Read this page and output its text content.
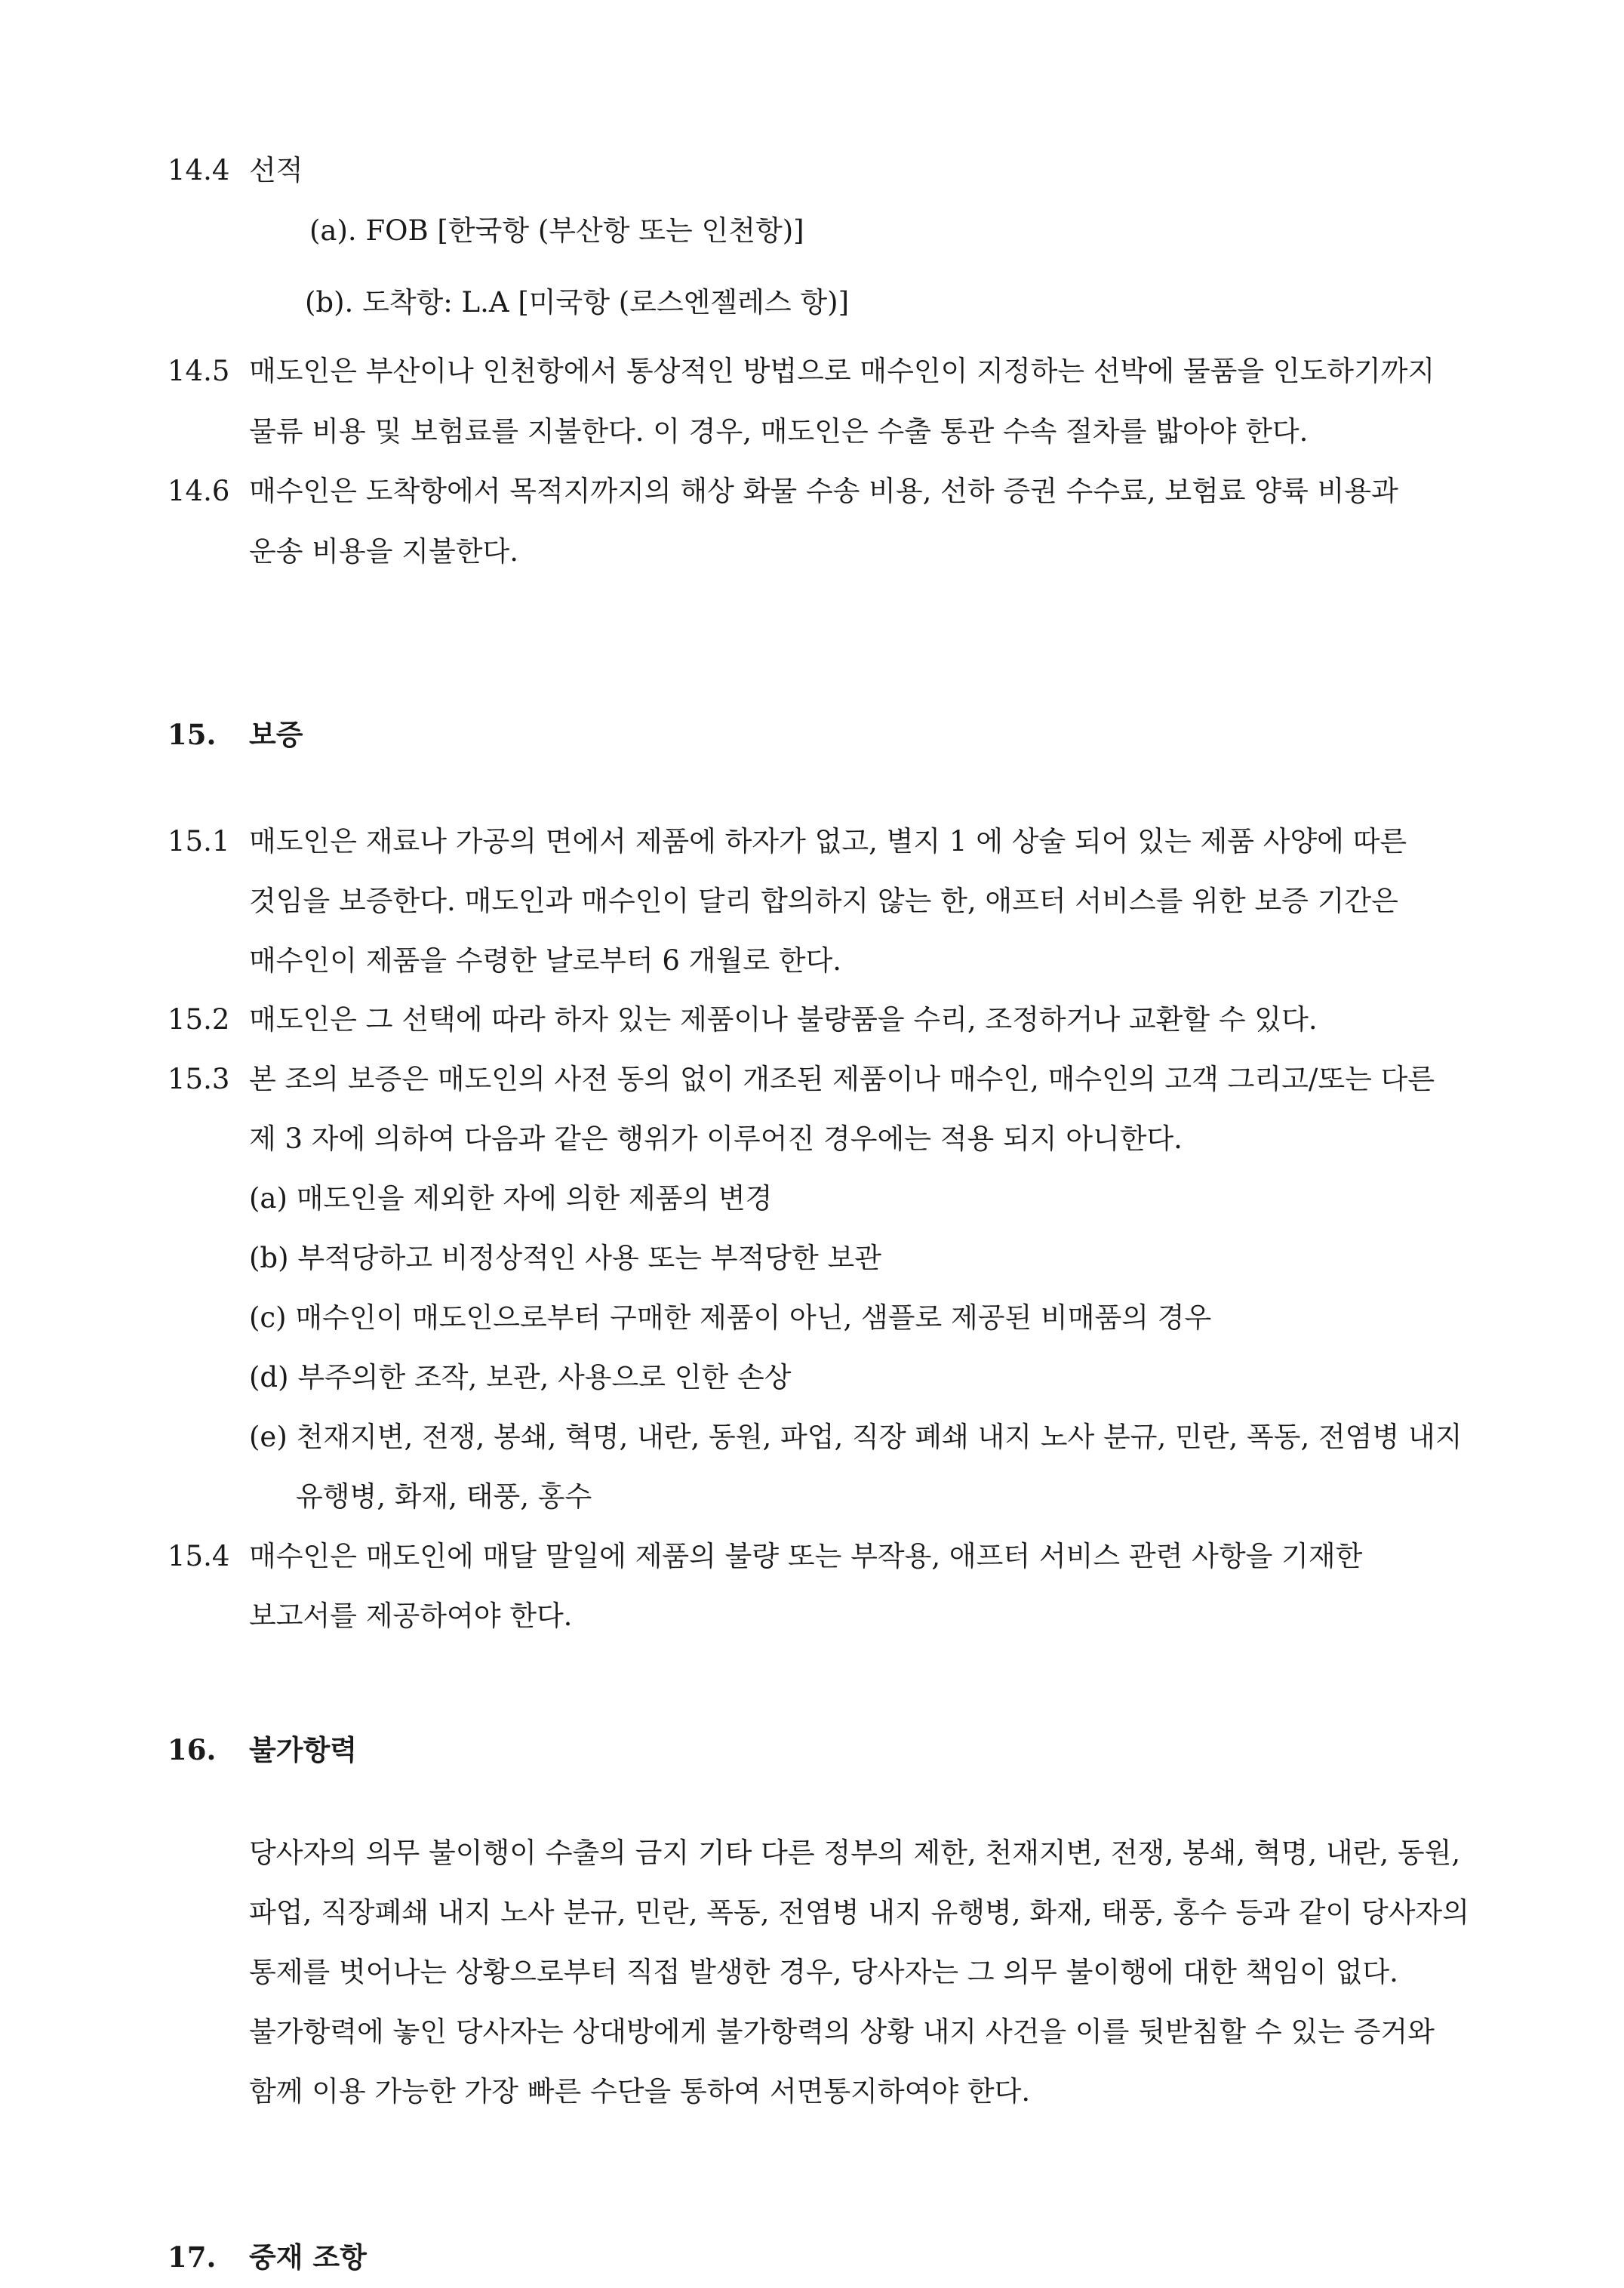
14.4 선적
(a). FOB [한국항 (부산항 또는 인천항)]
(b). 도착항: L.A [미국항 (로스엔젤레스 항)]
14.5 매도인은 부산이나 인천항에서 통상적인 방법으로 매수인이 지정하는 선박에 물품을 인도하기까지
물류 비용 및 보험료를 지불한다. 이 경우, 매도인은 수출 통관 수속 절차를 밟아야 한다.
14.6 매수인은 도착항에서 목적지까지의 해상 화물 수송 비용, 선하 증권 수수료, 보험료 양륙 비용과
운송 비용을 지불한다.
15. 보증
15.1 매도인은 재료나 가공의 면에서 제품에 하자가 없고, 별지 1 에 상술 되어 있는 제품 사양에 따른
것임을 보증한다. 매도인과 매수인이 달리 합의하지 않는 한, 애프터 서비스를 위한 보증 기간은
매수인이 제품을 수령한 날로부터 6 개월로 한다.
15.2 매도인은 그 선택에 따라 하자 있는 제품이나 불량품을 수리, 조정하거나 교환할 수 있다.
15.3 본 조의 보증은 매도인의 사전 동의 없이 개조된 제품이나 매수인, 매수인의 고객 그리고/또는 다른
제 3 자에 의하여 다음과 같은 행위가 이루어진 경우에는 적용 되지 아니한다.
(a) 매도인을 제외한 자에 의한 제품의 변경
(b) 부적당하고 비정상적인 사용 또는 부적당한 보관
(c) 매수인이 매도인으로부터 구매한 제품이 아닌, 샘플로 제공된 비매품의 경우
(d) 부주의한 조작, 보관, 사용으로 인한 손상
(e) 천재지변, 전쟁, 봉쇄, 혁명, 내란, 동원, 파업, 직장 폐쇄 내지 노사 분규, 민란, 폭동, 전염병 내지
유행병, 화재, 태풍, 홍수
15.4 매수인은 매도인에 매달 말일에 제품의 불량 또는 부작용, 애프터 서비스 관련 사항을 기재한
보고서를 제공하여야 한다.
16. 불가항력
당사자의 의무 불이행이 수출의 금지 기타 다른 정부의 제한, 천재지변, 전쟁, 봉쇄, 혁명, 내란, 동원,
파업, 직장폐쇄 내지 노사 분규, 민란, 폭동, 전염병 내지 유행병, 화재, 태풍, 홍수 등과 같이 당사자의
통제를 벗어나는 상황으로부터 직접 발생한 경우, 당사자는 그 의무 불이행에 대한 책임이 없다.
불가항력에 놓인 당사자는 상대방에게 불가항력의 상황 내지 사건을 이를 뒷받침할 수 있는 증거와
함께 이용 가능한 가장 빠른 수단을 통하여 서면통지하여야 한다.
17. 중재 조항
